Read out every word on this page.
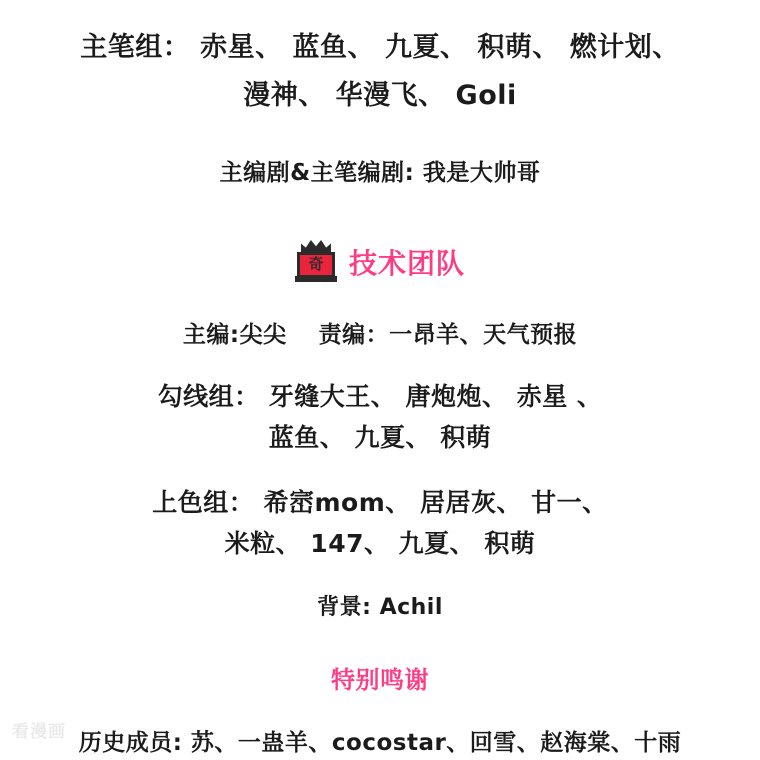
主笔组： 赤星、 蓝鱼、 九夏、 积萌、 燃计划、
漫神、 华漫飞、 Goli
主编剧&主笔编剧: 我是大帅哥
奇 技术团队
主编:尖尖 责编：一昂羊、天气预报
勾线组： 牙缝大王、 唐炮炮、 赤星 、
蓝鱼、 九夏、 积萌
上色组： 希崈mom、 居居灰、 甘一、
米粒、 147、 九夏、 积萌
背景: Achil
特别鸣谢
历史成员: 苏、一蛊羊、cocostar、回雪、赵海棠、十雨
看漫画
